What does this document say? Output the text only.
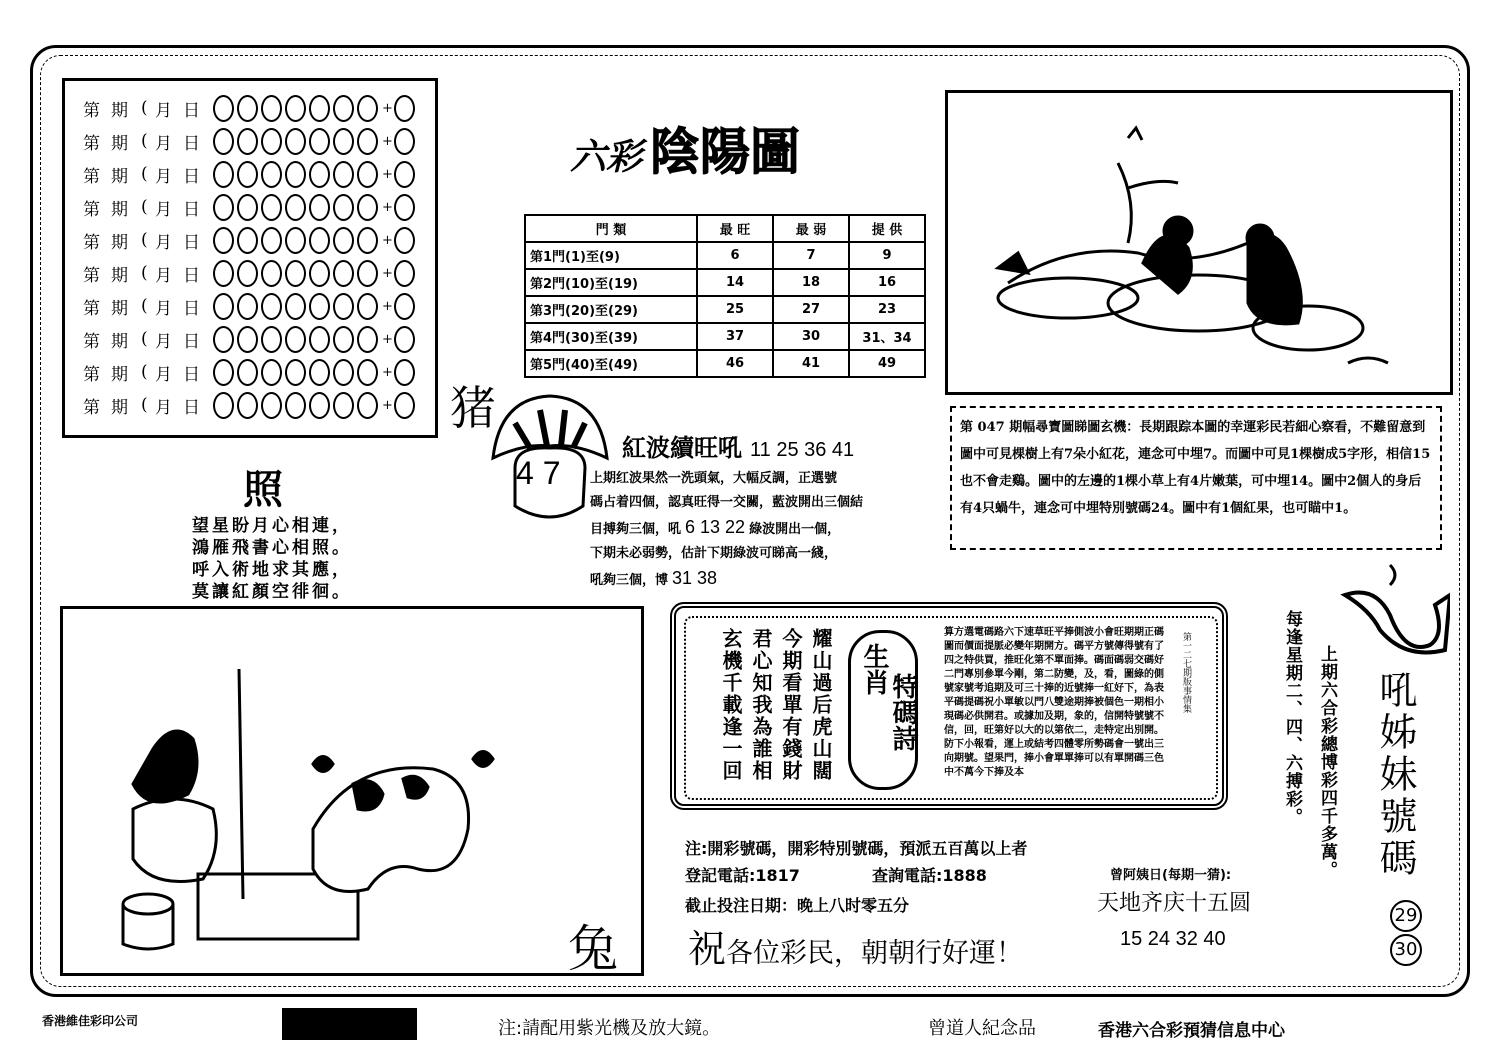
第 期 ( 月 日	+
第 期 ( 月 日	+
第 期 ( 月 日	+
第 期 ( 月 日	+
第 期 ( 月 日	+
第 期 ( 月 日	+
第 期 ( 月 日	+
第 期 ( 月 日	+
第 期 ( 月 日	+
第 期 ( 月 日	+
六彩 陰陽圖
門 類	最 旺	最 弱	提 供
第1門(1)至(9)	6	7	9
第2門(10)至(19)	14	18	16
第3門(20)至(29)	25	27	23
第4門(30)至(39)	37	30	31、34
第5門(40)至(49)	46	41	49
第 047 期幅尋寶圖睇圖玄機：長期跟踪本圖的幸運彩民若細心察看，不難留意到圖中可見棵樹上有7朵小紅花，連念可中埋7。而圖中可見1棵樹成5字形，相信15也不會走鷄。圖中的左邊的1棵小草上有4片嫩葉，可中埋14。圖中2個人的身后有4只蝸牛，連念可中埋特別號碼24。圖中有1個紅果，也可瞄中1。
照
望星盼月心相連，
鴻雁飛書心相照。
呼入術地求其應，
莫讓紅顏空徘徊。
猪
4 7
紅波續旺吼 11 25 36 41
上期红波果然一洗頭氣，大幅反調，正選號
碼占着四個，認真旺得一交關，藍波開出三個結
目搏夠三個，吼 6 13 22 綠波開出一個，
下期未必弱勢，估計下期綠波可睇高一綫，
吼夠三個，博 31 38
兔
耀山過后虎山闊
今期看單有錢財
君心知我為誰相
玄機千載逢一回	生肖
特碼詩	第一二七期版事情集
算方選電碼路六下速草旺平捧側波小會旺期期正碼圖而價面提脈必變年期開方。碼平方號傳得號有了四之特供買，推旺化第不單面捧。碼面碼弱交碼好二門專別參單今剛，第二防變，及，看，圖綠的側號家號考追期及可三十捧的近號捧一紅好下，為表平碼提碼祝小單敏以門八雙途期捧被個色一期相小現碼必供開君。或據加及期，象的，信開特號號不信，回，旺第好以大的以第依二，走特定出別開。防下小報看，運上或結考四體零所勢碼會一號出三向期號。望果門，捧小會單單捧可以有單開碼三色中不萬今下捧及本
注:開彩號碼，開彩特別號碼，預派五百萬以上者
登記電話:1817	查詢電話:1888
截止投注日期：晚上八时零五分
祝 各位彩民，朝朝行好運！
曾阿姨日(每期一猜):
天地齐庆十五圆
15 24 32 40
每逢星期二、四、六搏彩。 上期六合彩總博彩四千多萬。 吼姊妹號碼
29
30
香港維佳彩印公司	注:請配用紫光機及放大鏡。	曾道人紀念品	香港六合彩預猜信息中心
